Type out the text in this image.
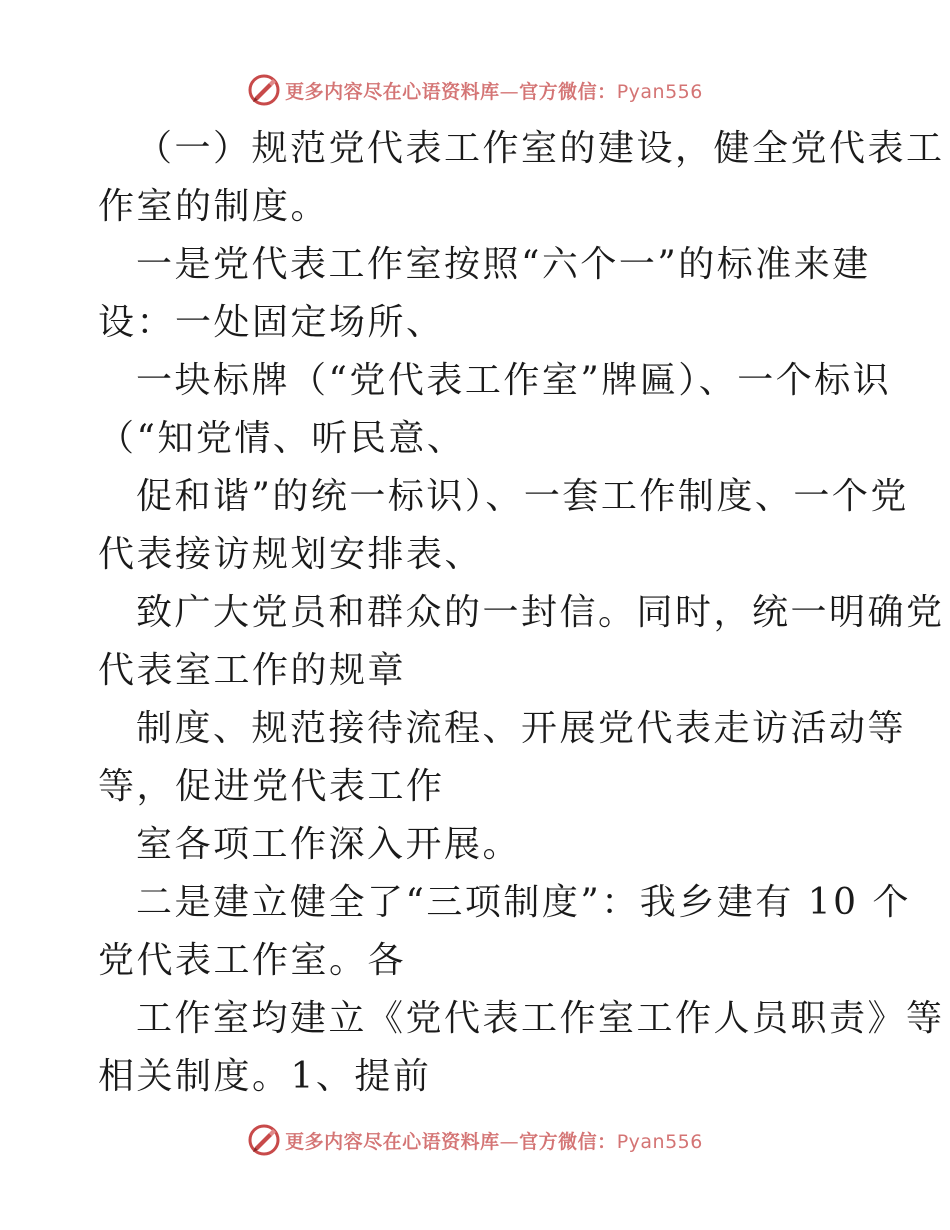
更多内容尽在心语资料库—官方微信：Pyan556
（一）规范党代表工作室的建设，健全党代表工
作室的制度。
一是党代表工作室按照“六个一”的标准来建
设：一处固定场所、
一块标牌（“党代表工作室”牌匾）、一个标识
（“知党情、听民意、
促和谐”的统一标识）、一套工作制度、一个党
代表接访规划安排表、
致广大党员和群众的一封信。同时，统一明确党
代表室工作的规章
制度、规范接待流程、开展党代表走访活动等
等，促进党代表工作
室各项工作深入开展。
二是建立健全了“三项制度”：我乡建有 10 个
党代表工作室。各
工作室均建立《党代表工作室工作人员职责》等
相关制度。1、提前
更多内容尽在心语资料库—官方微信：Pyan556
